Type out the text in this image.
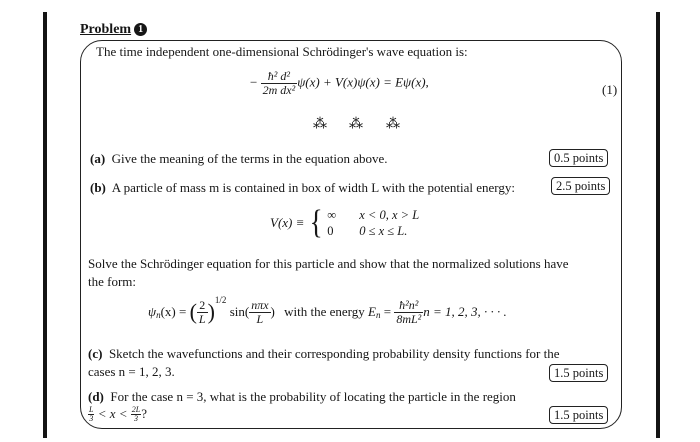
Problem 1
The time independent one-dimensional Schrödinger's wave equation is:
− $\frac{\text{ħ² d²}}{\text{2m dx²}} \psi(x) + V(x)\psi(x) = E\psi(x)$,
(1)
⁂ ⁂ ⁂
(a) Give the meaning of the terms in the equation above.	0.5 points
(b) A particle of mass m is contained in box of width L with the potential energy:	2.5 points
V(x) ≡ { ∞ x < 0, x > L
0 0 ≤ x ≤ L.
Solve the Schrödinger equation for this particle and show that the normalized solutions have
the form:
$\psi_n(x)$ = ( $\frac{2}{L} )^{1/2}$ $\sin( \frac{\text{nπx}}{L}$ ) with the energy $E_n = \frac{\text{ħ²n²}}{\text{8mL²}}$ n = 1, 2, 3, · · · .
(c) Sketch the wavefunctions and their corresponding probability density functions for the
cases n = 1, 2, 3.	1.5 points
(d) For the case n = 3, what is the probability of locating the particle in the region
$\frac{L}{3} < x < \frac{2L}{3}$ ?	1.5 points
